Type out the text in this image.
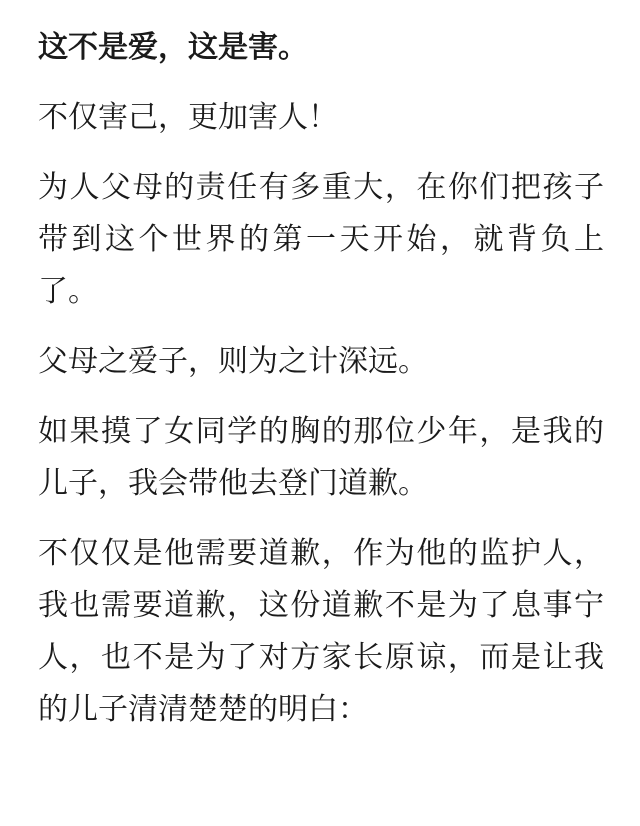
这不是爱，这是害。

不仅害己，更加害人！

为人父母的责任有多重大，在你们把孩子带到这个世界的第一天开始，就背负上了。

父母之爱子，则为之计深远。

如果摸了女同学的胸的那位少年，是我的儿子，我会带他去登门道歉。

不仅仅是他需要道歉，作为他的监护人，我也需要道歉，这份道歉不是为了息事宁人，也不是为了对方家长原谅，而是让我的儿子清清楚楚的明白：
